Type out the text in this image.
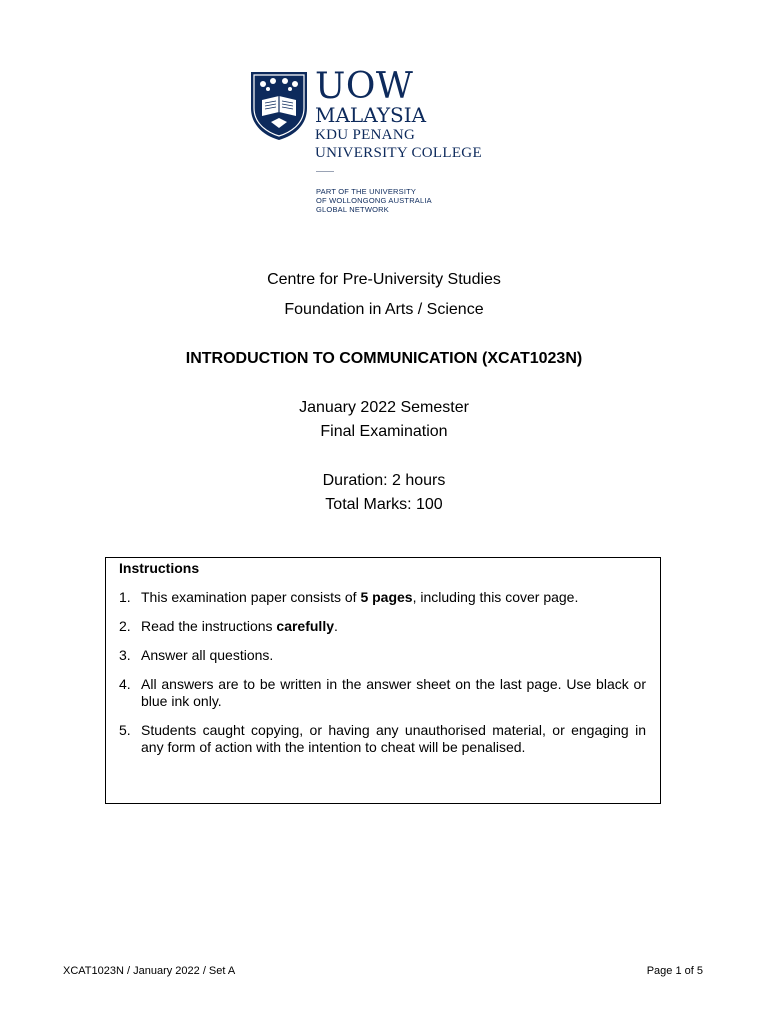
UOW
MALAYSIA
KDU PENANG
UNIVERSITY COLLEGE
PART OF THE UNIVERSITY
OF WOLLONGONG AUSTRALIA
GLOBAL NETWORK
Centre for Pre-University Studies
Foundation in Arts / Science
INTRODUCTION TO COMMUNICATION (XCAT1023N)
January 2022 Semester
Final Examination
Duration: 2 hours
Total Marks: 100
Instructions
1. This examination paper consists of 5 pages, including this cover page.
2. Read the instructions carefully.
3. Answer all questions.
4. All answers are to be written in the answer sheet on the last page. Use black or blue ink only.
5. Students caught copying, or having any unauthorised material, or engaging in any form of action with the intention to cheat will be penalised.
XCAT1023N / January 2022 / Set A	Page 1 of 5
